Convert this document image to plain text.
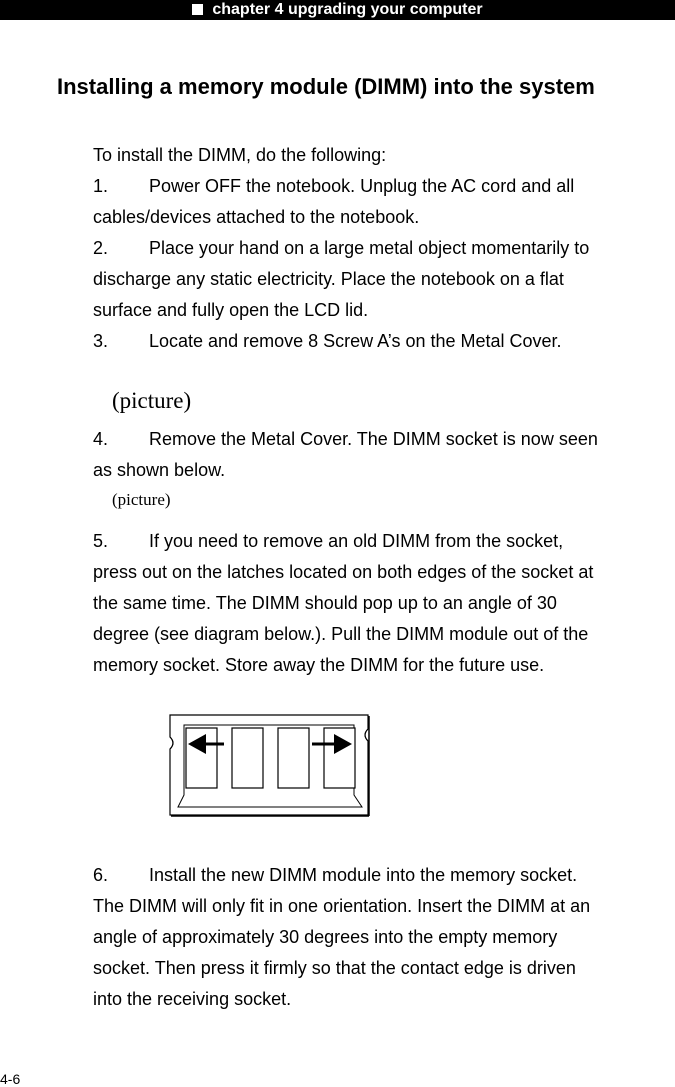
chapter 4 upgrading your computer
Installing a memory module (DIMM) into the system
To install the DIMM, do the following:
1. Power OFF the notebook. Unplug the AC cord and all
cables/devices attached to the notebook.
2. Place your hand on a large metal object momentarily to
discharge any static electricity. Place the notebook on a flat
surface and fully open the LCD lid.
3. Locate and remove 8 Screw A’s on the Metal Cover.
(picture)
4. Remove the Metal Cover. The DIMM socket is now seen
as shown below.
(picture)
5. If you need to remove an old DIMM from the socket,
press out on the latches located on both edges of the socket at
the same time. The DIMM should pop up to an angle of 30
degree (see diagram below.). Pull the DIMM module out of the
memory socket. Store away the DIMM for the future use.
6. Install the new DIMM module into the memory socket.
The DIMM will only fit in one orientation. Insert the DIMM at an
angle of approximately 30 degrees into the empty memory
socket. Then press it firmly so that the contact edge is driven
into the receiving socket.
4-6
